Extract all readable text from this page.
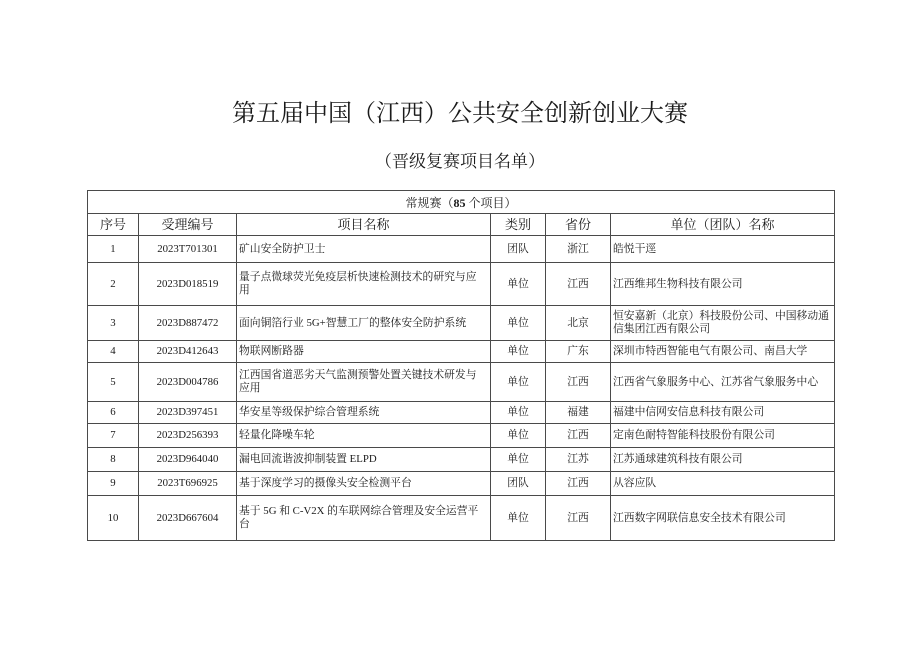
第五届中国（江西）公共安全创新创业大赛

（晋级复赛项目名单）

常规赛（85 个项目）					
序号	受理编号	项目名称	类别	省份	单位（团队）名称
1	2023T701301	矿山安全防护卫士	团队	浙江	皓悦干逕
2	2023D018519	量子点微球荧光免疫层析快速检测技术的研究与应用	单位	江西	江西维邦生物科技有限公司
3	2023D887472	面向铜箔行业 5G+智慧工厂的整体安全防护系统	单位	北京	恒安嘉新（北京）科技股份公司、中国移动通信集团江西有限公司
4	2023D412643	物联网断路器	单位	广东	深圳市特西智能电气有限公司、南昌大学
5	2023D004786	江西国省道恶劣天气监测预警处置关键技术研发与应用	单位	江西	江西省气象服务中心、江苏省气象服务中心
6	2023D397451	华安星等级保护综合管理系统	单位	福建	福建中信网安信息科技有限公司
7	2023D256393	轻量化降噪车轮	单位	江西	定南色耐特智能科技股份有限公司
8	2023D964040	漏电回流谐波抑制装置 ELPD	单位	江苏	江苏通球建筑科技有限公司
9	2023T696925	基于深度学习的摄像头安全检测平台	团队	江西	从容应队
10	2023D667604	基于 5G 和 C-V2X 的车联网综合管理及安全运营平台	单位	江西	江西数字网联信息安全技术有限公司
